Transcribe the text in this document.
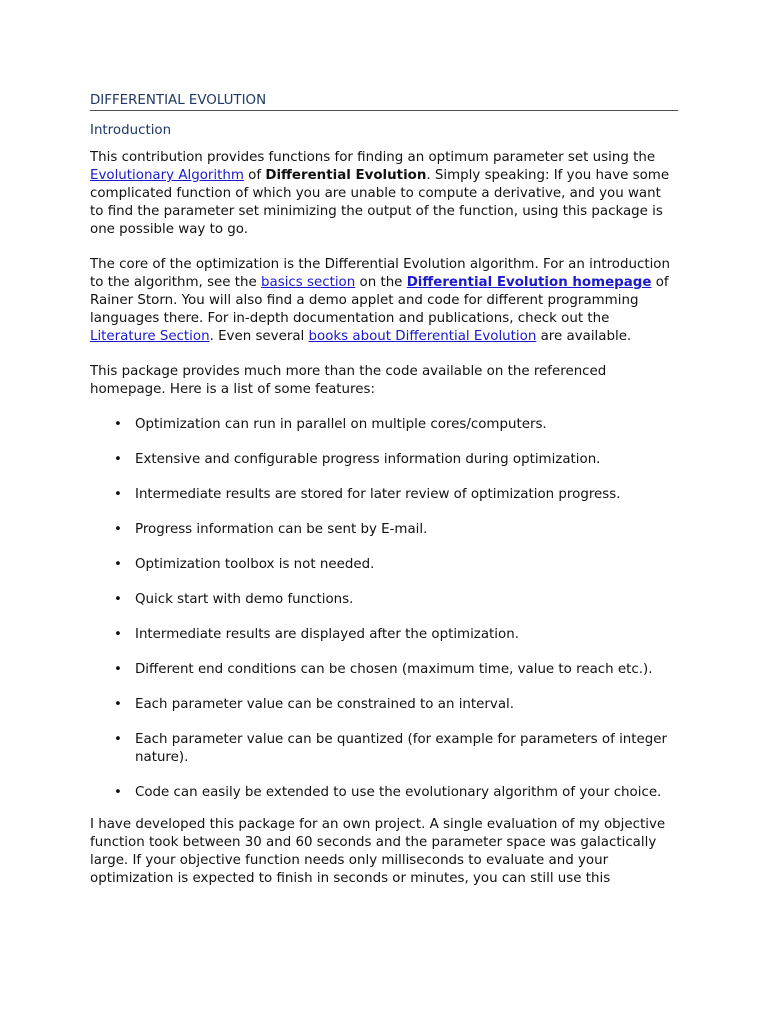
DIFFERENTIAL EVOLUTION
Introduction

This contribution provides functions for finding an optimum parameter set using the Evolutionary Algorithm of Differential Evolution. Simply speaking: If you have some complicated function of which you are unable to compute a derivative, and you want to find the parameter set minimizing the output of the function, using this package is one possible way to go.

The core of the optimization is the Differential Evolution algorithm. For an introduction to the algorithm, see the basics section on the Differential Evolution homepage of Rainer Storn. You will also find a demo applet and code for different programming languages there. For in-depth documentation and publications, check out the Literature Section. Even several books about Differential Evolution are available.

This package provides much more than the code available on the referenced homepage. Here is a list of some features:

• Optimization can run in parallel on multiple cores/computers.
• Extensive and configurable progress information during optimization.
• Intermediate results are stored for later review of optimization progress.
• Progress information can be sent by E-mail.
• Optimization toolbox is not needed.
• Quick start with demo functions.
• Intermediate results are displayed after the optimization.
• Different end conditions can be chosen (maximum time, value to reach etc.).
• Each parameter value can be constrained to an interval.
• Each parameter value can be quantized (for example for parameters of integer nature).
• Code can easily be extended to use the evolutionary algorithm of your choice.

I have developed this package for an own project. A single evaluation of my objective function took between 30 and 60 seconds and the parameter space was galactically large. If your objective function needs only milliseconds to evaluate and your optimization is expected to finish in seconds or minutes, you can still use this
